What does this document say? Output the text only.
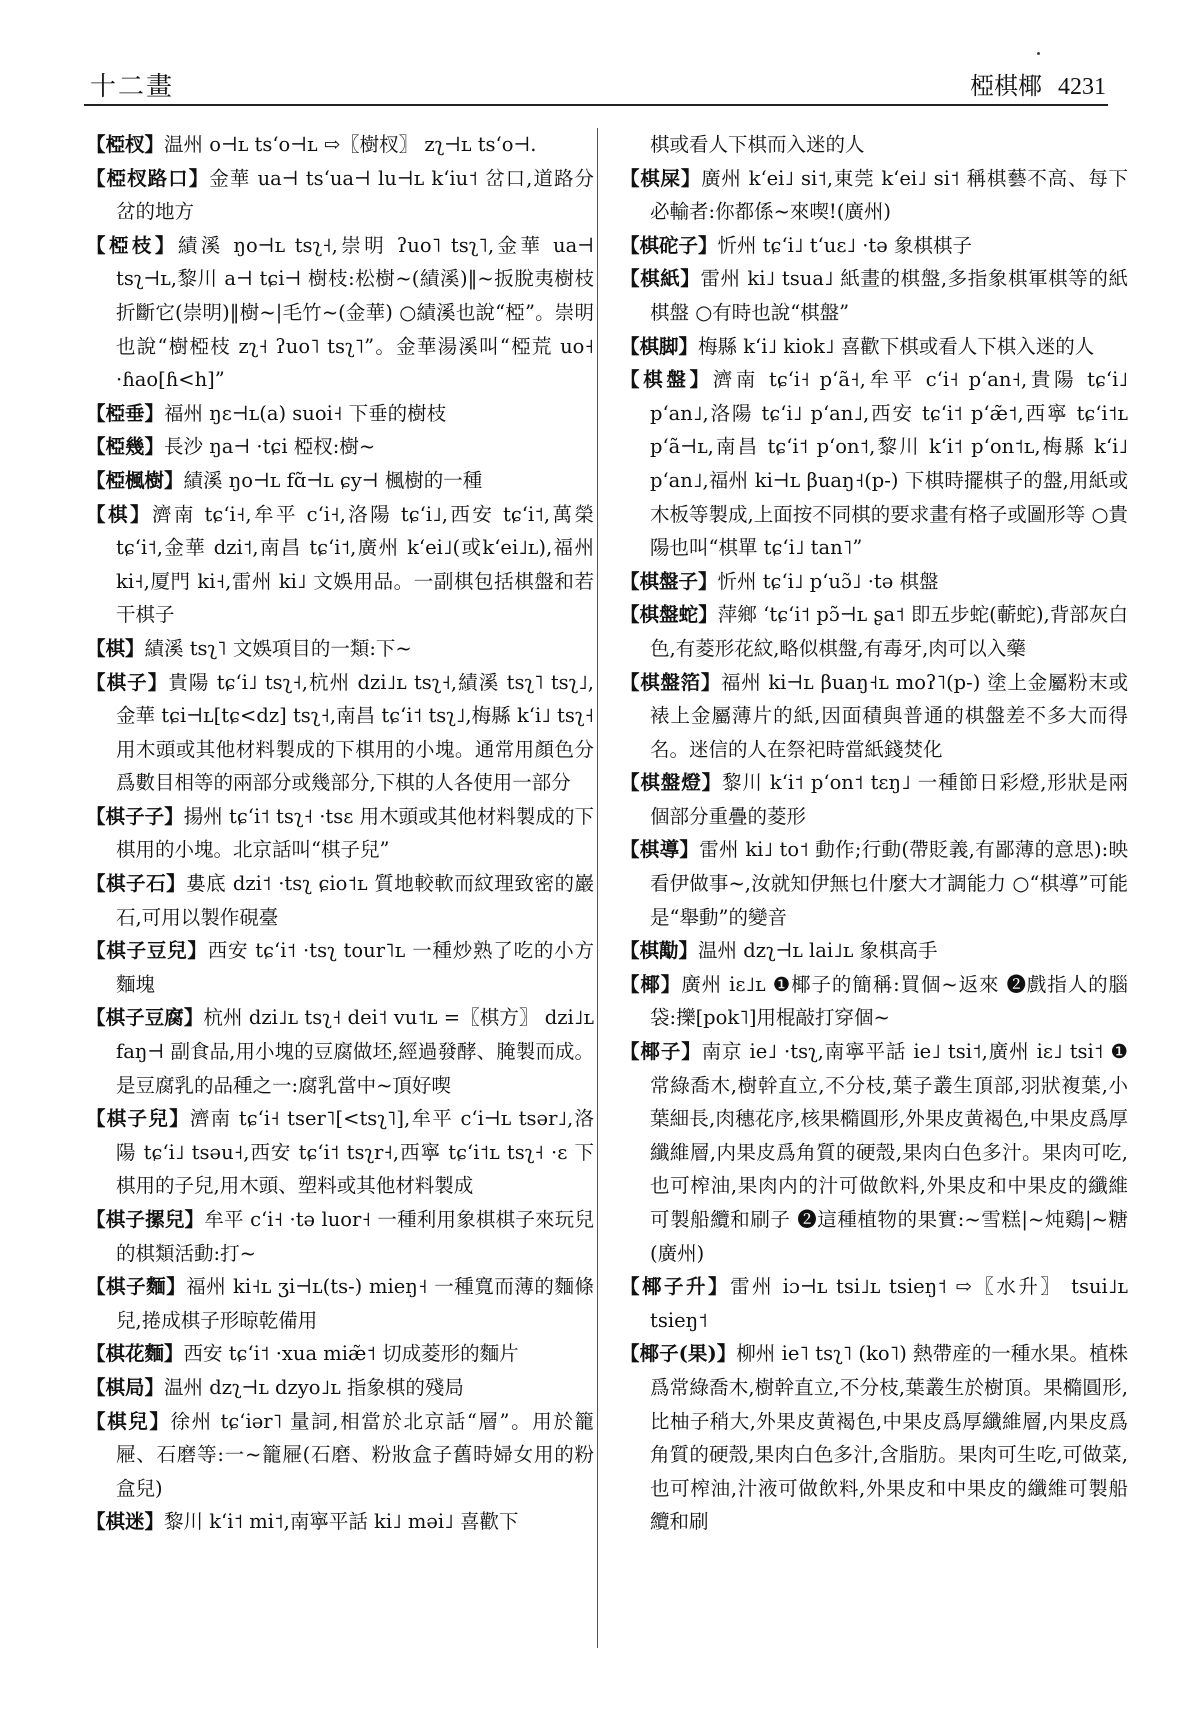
十二畫	椏棋椰 4231

【椏杈】温州 o⊣ʟ tsʻo⊣ʟ ⇨〖樹杈〗 zʅ⊣ʟ tsʻo⊣.

【椏杈路口】金華 ua⊣ tsʻua⊣ lu⊣ʟ kʻiu˦ 岔口,道路分岔的地方

【椏枝】績溪 ŋo⊣ʟ tsʅ˧,崇明 ʔuo˥ tsʅ˥,金華 ua⊣ tsʅ⊣ʟ,黎川 a⊣ tɕi⊣ 樹枝:松樹~(績溪)‖~扳脫夷樹枝折斷它(崇明)‖樹~|毛竹~(金華) ○績溪也說“椏”。崇明也說“樹椏枝 zʅ˧ ʔuo˥ tsʅ˥”。金華湯溪叫“椏荒 uo˧ ·ɦao[ɦ<h]”

【椏垂】福州 ŋɛ⊣ʟ(a) suoi˧ 下垂的樹枝

【椏幾】長沙 ŋa⊣ ·tɕi 椏杈:樹~

【椏楓樹】績溪 ŋo⊣ʟ fɑ̃⊣ʟ ɕy⊣ 楓樹的一種

【棋】濟南 tɕʻi˧,牟平 cʻi˧,洛陽 tɕʻi˩,西安 tɕʻi˦,萬榮 tɕʻi˦,金華 dzi˦,南昌 tɕʻi˦,廣州 kʻei˩(或kʻei˩ʟ),福州 ki˧,厦門 ki˧,雷州 ki˩ 文娛用品。一副棋包括棋盤和若干棋子

【棋】績溪 tsʅ˥ 文娛項目的一類:下~

【棋子】貴陽 tɕʻi˩ tsʅ˧,杭州 dzi˩ʟ tsʅ˧,績溪 tsʅ˥ tsʅ˩,金華 tɕi⊣ʟ[tɕ<dz] tsʅ˧,南昌 tɕʻi˦ tsʅ˩,梅縣 kʻi˩ tsʅ˧ 用木頭或其他材料製成的下棋用的小塊。通常用顏色分爲數目相等的兩部分或幾部分,下棋的人各使用一部分

【棋子子】揚州 tɕʻi˦ tsʅ˧ ·tsɛ 用木頭或其他材料製成的下棋用的小塊。北京話叫“棋子兒”

【棋子石】婁底 dzi˦ ·tsʅ ɕio˦ʟ 質地較軟而紋理致密的巖石,可用以製作硯臺

【棋子豆兒】西安 tɕʻi˦ ·tsʅ tour˥ʟ 一種炒熟了吃的小方麵塊

【棋子豆腐】杭州 dzi˩ʟ tsʅ˧ dei˦ vu˦ʟ =〖棋方〗 dzi˩ʟ faŋ⊣ 副食品,用小塊的豆腐做坯,經過發酵、腌製而成。是豆腐乳的品種之一:腐乳當中~頂好喫

【棋子兒】濟南 tɕʻi˧ tser˥[<tsʅ˥],牟平 cʻi⊣ʟ tsər˩,洛陽 tɕʻi˩ tsəu˧,西安 tɕʻi˦ tsʅr˧,西寧 tɕʻi˦ʟ tsʅ˧ ·ɛ 下棋用的子兒,用木頭、塑料或其他材料製成

【棋子摞兒】牟平 cʻi˧ ·tə luor˧ 一種利用象棋棋子來玩兒的棋類活動:打~

【棋子麵】福州 ki˧ʟ ʒi⊣ʟ(ts-) mieŋ˧ 一種寬而薄的麵條兒,捲成棋子形晾乾備用

【棋花麵】西安 tɕʻi˦ ·xua miæ̃˦ 切成菱形的麵片

【棋局】温州 dzʅ⊣ʟ dzyo˩ʟ 指象棋的殘局

【棋兒】徐州 tɕʻiər˥ 量詞,相當於北京話“層”。用於籠屜、石磨等:一~籠屜(石磨、粉妝盒子舊時婦女用的粉盒兒)

【棋迷】黎川 kʻi˦ mi˦,南寧平話 ki˩ məi˩ 喜歡下

棋或看人下棋而入迷的人

【棋屎】廣州 kʻei˩ si˦,東莞 kʻei˩ si˦ 稱棋藝不高、每下必輸者:你都係~來喫!(廣州)

【棋砣子】忻州 tɕʻi˩ tʻuɛ˩ ·tə 象棋棋子

【棋紙】雷州 ki˩ tsua˩ 紙畫的棋盤,多指象棋軍棋等的紙棋盤 ○有時也說“棋盤”

【棋脚】梅縣 kʻi˩ kiok˩ 喜歡下棋或看人下棋入迷的人

【棋盤】濟南 tɕʻi˧ pʻã˧,牟平 cʻi˧ pʻan˧,貴陽 tɕʻi˩ pʻan˩,洛陽 tɕʻi˩ pʻan˩,西安 tɕʻi˦ pʻæ̃˦,西寧 tɕʻi˦ʟ pʻã⊣ʟ,南昌 tɕʻi˦ pʻon˦,黎川 kʻi˦ pʻon˦ʟ,梅縣 kʻi˩ pʻan˩,福州 ki⊣ʟ βuaŋ˧(p-) 下棋時擺棋子的盤,用紙或木板等製成,上面按不同棋的要求畫有格子或圖形等 ○貴陽也叫“棋單 tɕʻi˩ tan˥”

【棋盤子】忻州 tɕʻi˩ pʻuɔ̃˩ ·tə 棋盤

【棋盤蛇】萍鄉 ʻtɕʻi˦ pɔ̃⊣ʟ ʂa˦ 即五步蛇(蘄蛇),背部灰白色,有菱形花紋,略似棋盤,有毒牙,肉可以入藥

【棋盤箔】福州 ki⊣ʟ βuaŋ˧ʟ moʔ˥(p-) 塗上金屬粉末或裱上金屬薄片的紙,因面積與普通的棋盤差不多大而得名。迷信的人在祭祀時當紙錢焚化

【棋盤燈】黎川 kʻi˦ pʻon˦ tɛŋ˩ 一種節日彩燈,形狀是兩個部分重疊的菱形

【棋導】雷州 ki˩ to˦ 動作;行動(帶貶義,有鄙薄的意思):映看伊做事~,汝就知伊無乜什麼大才調能力 ○“棋導”可能是“舉動”的變音

【棋勱】温州 dzʅ⊣ʟ lai˩ʟ 象棋高手

【椰】廣州 iɛ˩ʟ ❶椰子的簡稱:買個~返來 ❷戲指人的腦袋:擽[pok˥]用棍敲打穿個~

【椰子】南京 ie˩ ·tsʅ,南寧平話 ie˩ tsi˦,廣州 iɛ˩ tsi˦ ❶常綠喬木,樹幹直立,不分枝,葉子叢生頂部,羽狀複葉,小葉細長,肉穗花序,核果橢圓形,外果皮黄褐色,中果皮爲厚纖維層,内果皮爲角質的硬殼,果肉白色多汁。果肉可吃,也可榨油,果肉内的汁可做飲料,外果皮和中果皮的纖維可製船纜和刷子 ❷這種植物的果實:~雪糕|~炖鷄|~糖(廣州)

【椰子升】雷州 iɔ⊣ʟ tsi˩ʟ tsieŋ˦ ⇨〖水升〗 tsui˩ʟ tsieŋ˦

【椰子(果)】柳州 ie˥ tsʅ˥ (ko˥) 熱帶産的一種水果。植株爲常綠喬木,樹幹直立,不分枝,葉叢生於樹頂。果橢圓形,比柚子稍大,外果皮黄褐色,中果皮爲厚纖維層,内果皮爲角質的硬殼,果肉白色多汁,含脂肪。果肉可生吃,可做菜,也可榨油,汁液可做飲料,外果皮和中果皮的纖維可製船纜和刷
